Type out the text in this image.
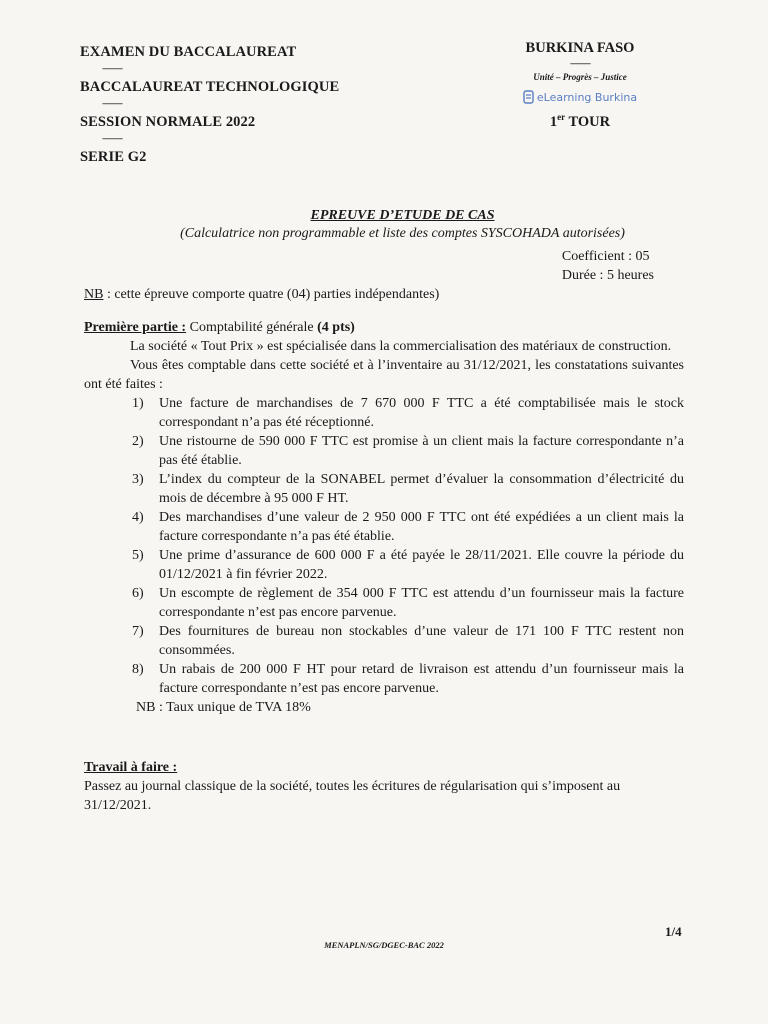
EXAMEN DU BACCALAUREAT
----------
BACCALAUREAT TECHNOLOGIQUE
----------
SESSION NORMALE 2022
----------
SERIE G2
BURKINA FASO
----------
Unité – Progrès – Justice
eLearning Burkina
1er TOUR
EPREUVE D’ETUDE DE CAS
(Calculatrice non programmable et liste des comptes SYSCOHADA autorisées)
Coefficient : 05
Durée : 5 heures
NB : cette épreuve comporte quatre (04) parties indépendantes)
Première partie : Comptabilité générale (4 pts)
La société « Tout Prix » est spécialisée dans la commercialisation des matériaux de construction.
Vous êtes comptable dans cette société et à l’inventaire au 31/12/2021, les constatations suivantes ont été faites :
1) Une facture de marchandises de 7 670 000 F TTC a été comptabilisée mais le stock correspondant n’a pas été réceptionné.
2) Une ristourne de 590 000 F TTC est promise à un client mais la facture correspondante n’a pas été établie.
3) L’index du compteur de la SONABEL permet d’évaluer la consommation d’électricité du mois de décembre à 95 000 F HT.
4) Des marchandises d’une valeur de 2 950 000 F TTC ont été expédiées a un client mais la facture correspondante n’a pas été établie.
5) Une prime d’assurance de 600 000 F a été payée le 28/11/2021. Elle couvre la période du 01/12/2021 à fin février 2022.
6) Un escompte de règlement de 354 000 F TTC est attendu d’un fournisseur mais la facture correspondante n’est pas encore parvenue.
7) Des fournitures de bureau non stockables d’une valeur de 171 100 F TTC restent non consommées.
8) Un rabais de 200 000 F HT pour retard de livraison est attendu d’un fournisseur mais la facture correspondante n’est pas encore parvenue.
NB : Taux unique de TVA 18%
Travail à faire :
Passez au journal classique de la société, toutes les écritures de régularisation qui s’imposent au 31/12/2021.
1/4
MENAPLN/SG/DGEC-BAC 2022
